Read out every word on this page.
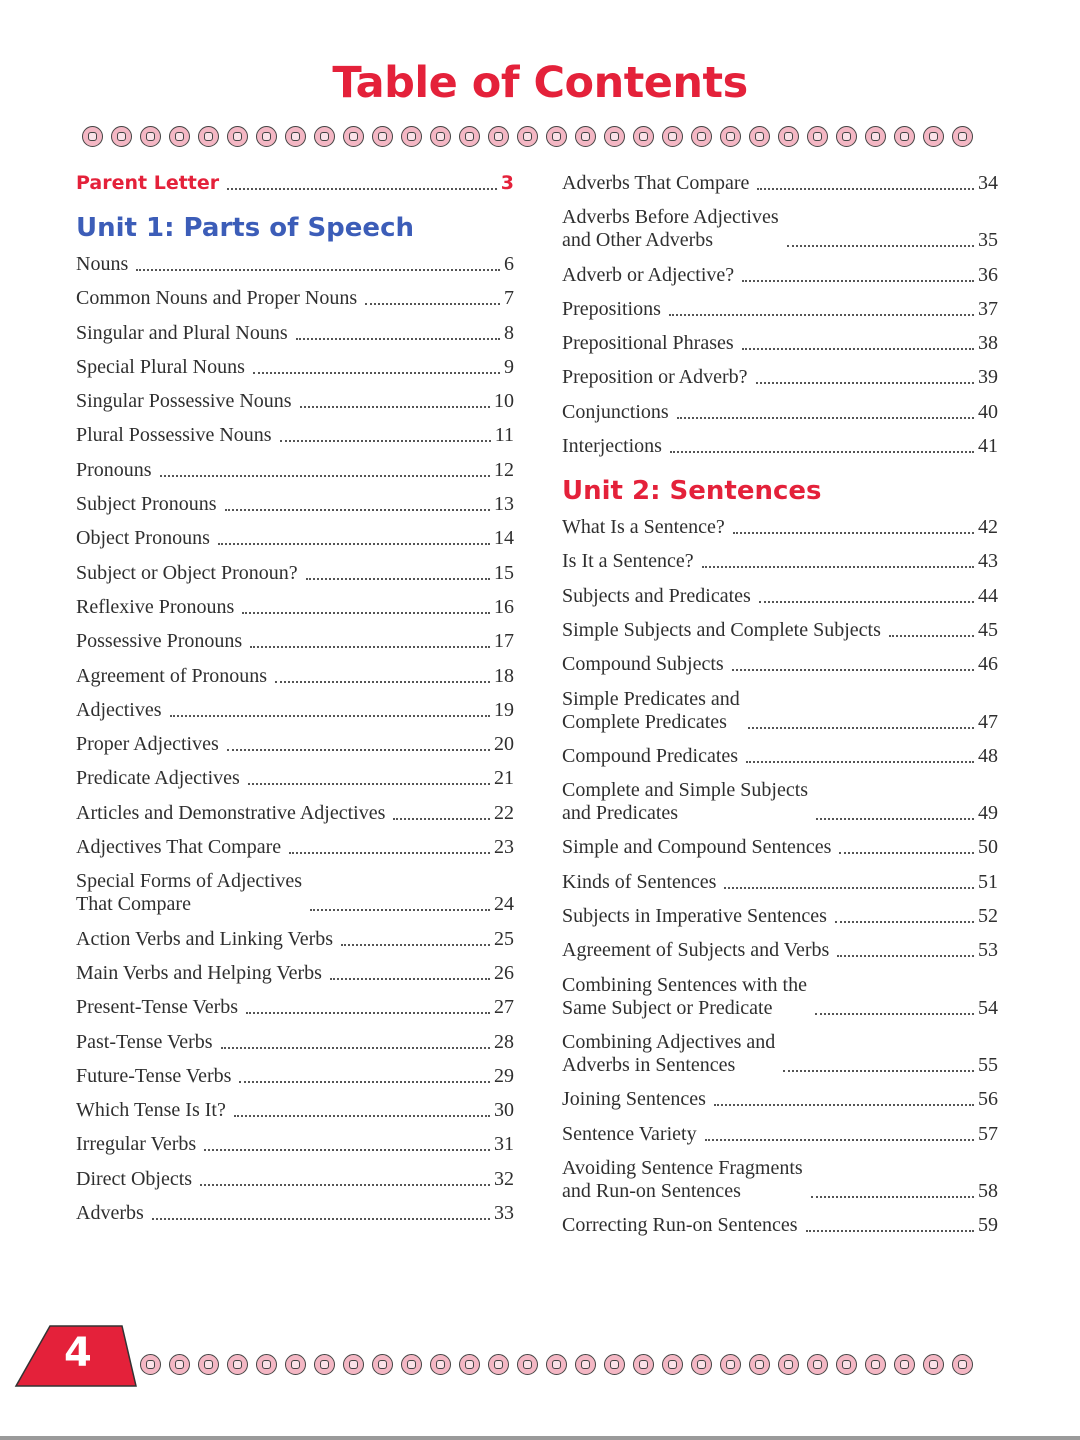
Table of Contents
Parent Letter	3
Unit 1: Parts of Speech
Nouns	6
Common Nouns and Proper Nouns	7
Singular and Plural Nouns	8
Special Plural Nouns	9
Singular Possessive Nouns	10
Plural Possessive Nouns	11
Pronouns	12
Subject Pronouns	13
Object Pronouns	14
Subject or Object Pronoun?	15
Reflexive Pronouns	16
Possessive Pronouns	17
Agreement of Pronouns	18
Adjectives	19
Proper Adjectives	20
Predicate Adjectives	21
Articles and Demonstrative Adjectives	22
Adjectives That Compare	23
Special Forms of Adjectives
That Compare	24
Action Verbs and Linking Verbs	25
Main Verbs and Helping Verbs	26
Present-Tense Verbs	27
Past-Tense Verbs	28
Future-Tense Verbs	29
Which Tense Is It?	30
Irregular Verbs	31
Direct Objects	32
Adverbs	33
Adverbs That Compare	34
Adverbs Before Adjectives
and Other Adverbs	35
Adverb or Adjective?	36
Prepositions	37
Prepositional Phrases	38
Preposition or Adverb?	39
Conjunctions	40
Interjections	41
Unit 2: Sentences
What Is a Sentence?	42
Is It a Sentence?	43
Subjects and Predicates	44
Simple Subjects and Complete Subjects	45
Compound Subjects	46
Simple Predicates and
Complete Predicates	47
Compound Predicates	48
Complete and Simple Subjects
and Predicates	49
Simple and Compound Sentences	50
Kinds of Sentences	51
Subjects in Imperative Sentences	52
Agreement of Subjects and Verbs	53
Combining Sentences with the
Same Subject or Predicate	54
Combining Adjectives and
Adverbs in Sentences	55
Joining Sentences	56
Sentence Variety	57
Avoiding Sentence Fragments
and Run-on Sentences	58
Correcting Run-on Sentences	59
4
